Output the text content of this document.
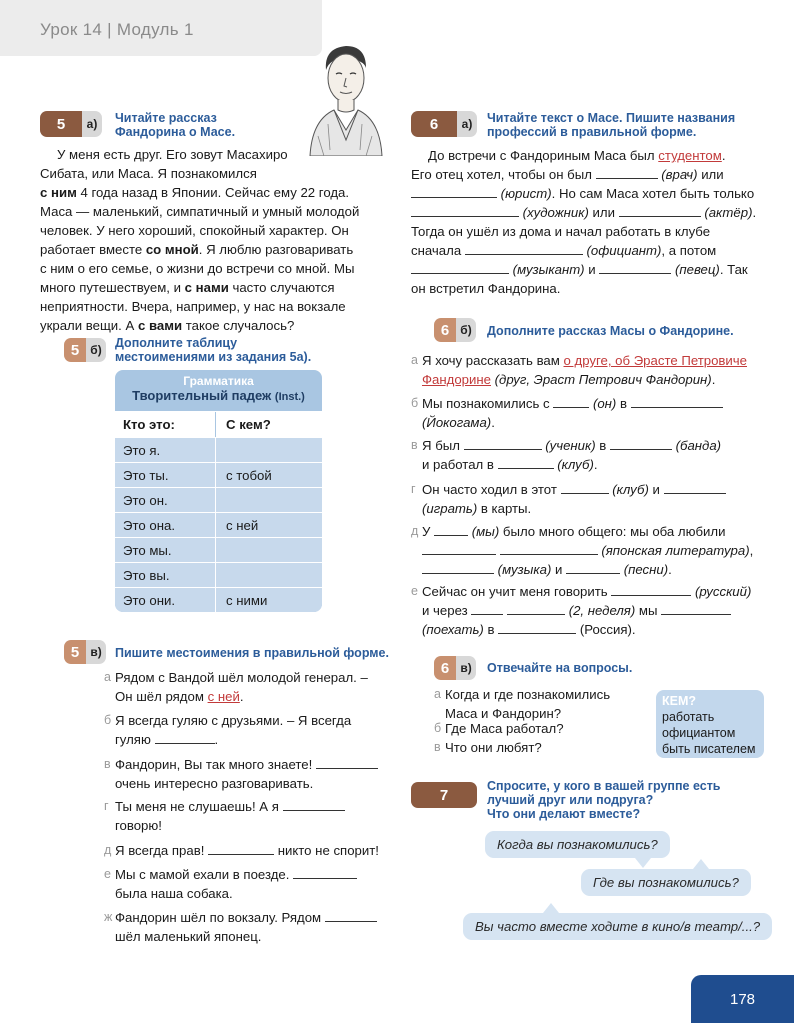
Урок 14 | Модуль 1
5	а)	Читайте рассказ
Фандорина о Масе.

У меня есть друг. Его зовут Масахиро

Сибата, или Маса. Я познакомился

с ним 4 года назад в Японии. Сейчас ему 22 года.

Маса — маленький, симпатичный и умный молодой

человек. У него хороший, спокойный характер. Он

работает вместе со мной. Я люблю разговаривать

с ним о его семье, о жизни до встречи со мной. Мы

много путешествуем, и с нами часто случаются

неприятности. Вчера, например, у нас на вокзале

украли вещи. А с вами такое случалось?

5 б)	Дополните таблицу
местоимениями из задания 5а).
Грамматика
Творительный падеж (Inst.)
Кто это:	С кем?
Это я.
Это ты.	с тобой
Это он.
Это она.	с ней
Это мы.
Это вы.
Это они.	с ними
5 в)	Пишите местоимения в правильной форме.
а Рядом с Вандой шёл молодой генерал. –
Он шёл рядом с ней.
б Я всегда гуляю с друзьями. – Я всегда
гуляю	.
в Фандорин, Вы так много знаете!
очень интересно разговаривать.
г Ты меня не слушаешь! А я
говорю!
д Я всегда прав!	никто не спорит!
е Мы с мамой ехали в поезде.
была наша собака.
ж Фандорин шёл по вокзалу. Рядом
шёл маленький японец.
6	а)	Читайте текст о Масе. Пишите названия
профессий в правильной форме.

До встречи с Фандориным Маса был студентом.

Его отец хотел, чтобы он был	(врач) или

(юрист). Но сам Маса хотел быть только

(художник) или	(актёр).

Тогда он ушёл из дома и начал работать в клубе

сначала	(официант), а потом

(музыкант) и	(певец). Так

он встретил Фандорина.

6 б)	Дополните рассказ Масы о Фандорине.
а Я хочу рассказать вам о друге, об Эрасте Петровиче
Фандорине (друг, Эраст Петрович Фандорин).
б Мы познакомились с	(он) в
(Йокогама).
в Я был	(ученик) в	(банда)
и работал в	(клуб).
г Он часто ходил в этот	(клуб) и
(играть) в карты.
д У	(мы) было много общего: мы оба любили
(японская литература),
(музыка) и	(песни).
е Сейчас он учит меня говорить	(русский)
и через	(2, неделя) мы
(поехать) в	(Россия).
6 в)	Отвечайте на вопросы.
а Когда и где познакомились
Маса и Фандорин?
б Где Маса работал?
в Что они любят?
КЕМ?
работать
официантом
быть писателем
7
Спросите, у кого в вашей группе есть
лучший друг или подруга?
Что они делают вместе?
Когда вы познакомились?
Где вы познакомились?
Вы часто вместе ходите в кино/в театр/...?
178
